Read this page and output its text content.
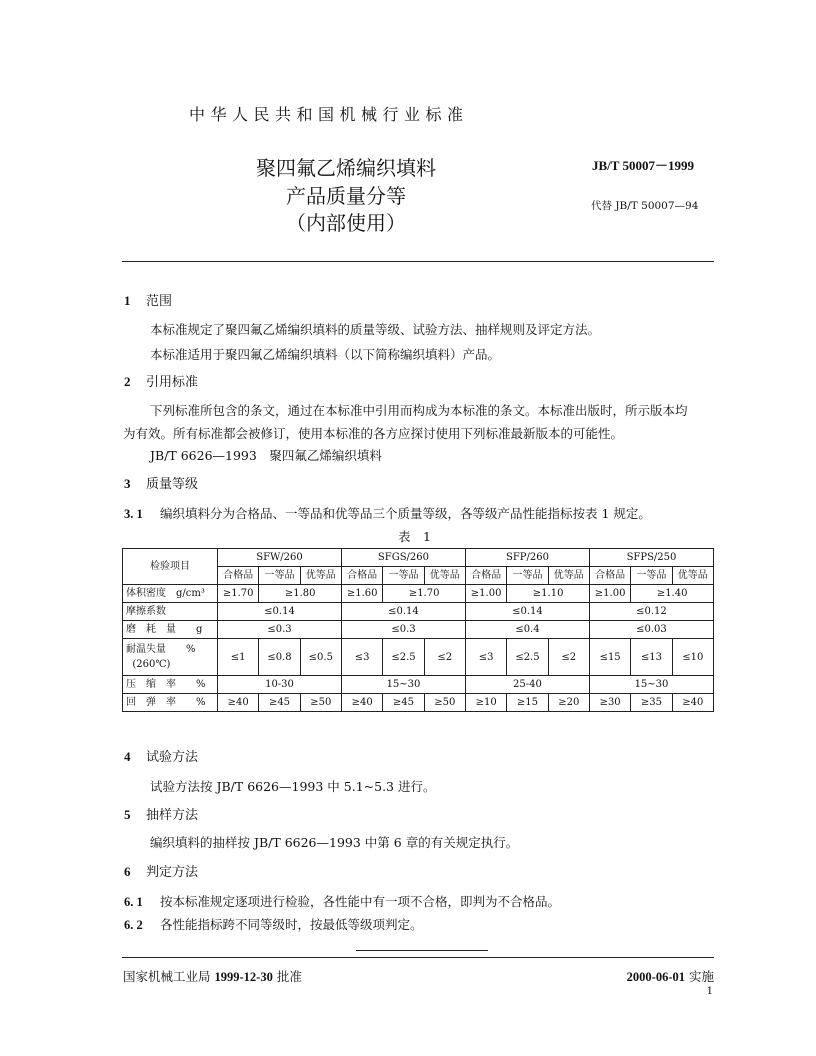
中华人民共和国机械行业标准
聚四氟乙烯编织填料
产品质量分等
（内部使用）
JB/T 50007－1999
代替 JB/T 50007—94
1 范围
本标准规定了聚四氟乙烯编织填料的质量等级、试验方法、抽样规则及评定方法。
本标准适用于聚四氟乙烯编织填料（以下简称编织填料）产品。
2 引用标准
下列标准所包含的条文，通过在本标准中引用而构成为本标准的条文。本标准出版时，所示版本均
为有效。所有标准都会被修订，使用本标准的各方应探讨使用下列标准最新版本的可能性。
JB/T 6626—1993　聚四氟乙烯编织填料
3 质量等级
3. 1 编织填料分为合格品、一等品和优等品三个质量等级，各等级产品性能指标按表 1 规定。
表　1
检验项目	SFW/260			SFGS/260			SFP/260			SFPS/250		
	合格品	一等品	优等品	合格品	一等品	优等品	合格品	一等品	优等品	合格品	一等品	优等品
体积密度　 g/cm³	≥1.70	≥1.80		≥1.60	≥1.70		≥1.00	≥1.10		≥1.00	≥1.40	
摩擦系数	≤0.14			≤0.14			≤0.14			≤0.12		
磨　耗　量　　 g	≤0.3			≤0.3			≤0.4			≤0.03		
耐温失量　　 %
(260℃)	≤1	≤0.8	≤0.5	≤3	≤2.5	≤2	≤3	≤2.5	≤2	≤15	≤13	≤10
压　缩　率　　 %	10-30			15~30			25-40			15~30		
回　弹　率　　 %	≥40	≥45	≥50	≥40	≥45	≥50	≥10	≥15	≥20	≥30	≥35	≥40
4 试验方法
试验方法按 JB/T 6626—1993 中 5.1~5.3 进行。
5 抽样方法
编织填料的抽样按 JB/T 6626—1993 中第 6 章的有关规定执行。
6 判定方法
6. 1 按本标准规定逐项进行检验，各性能中有一项不合格，即判为不合格品。
6. 2 各性能指标跨不同等级时，按最低等级项判定。
国家机械工业局 1999-12-30 批准	2000-06-01 实施
1
